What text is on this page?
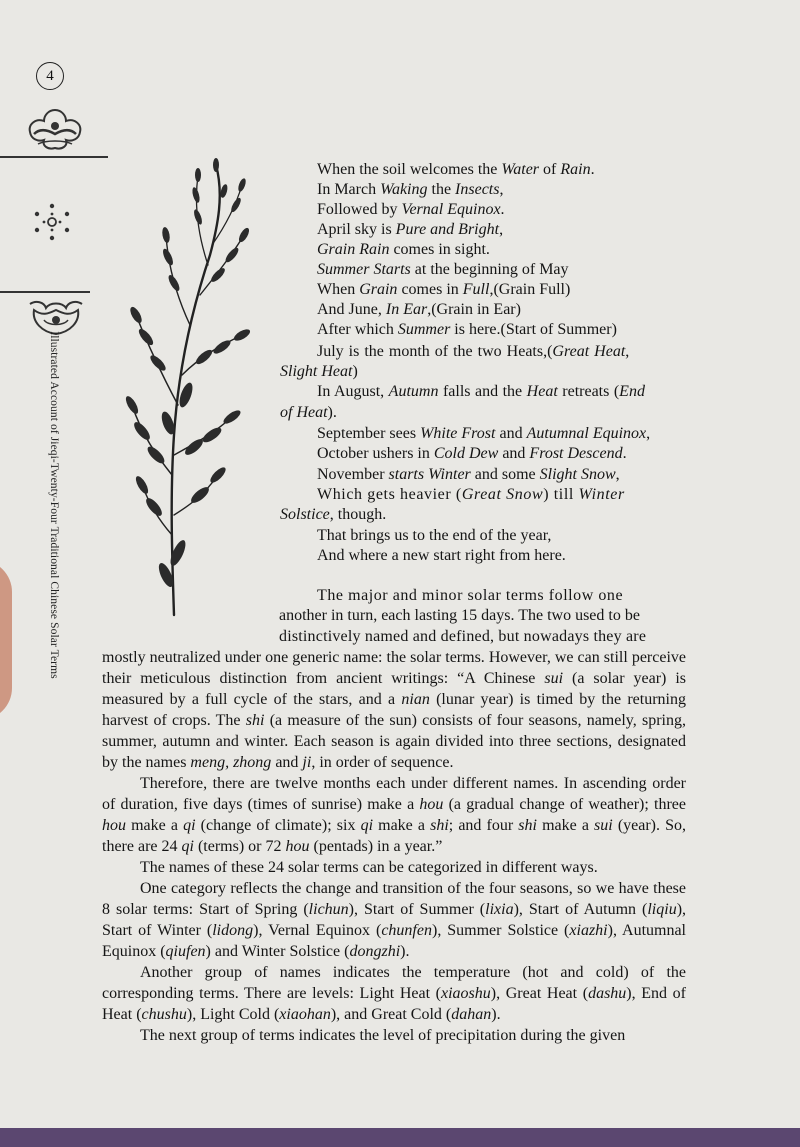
4
Illustrated Account of Jieqi-Twenty-Four Traditional Chinese Solar Terms
When the soil welcomes the Water of Rain.
In March Waking the Insects,
Followed by Vernal Equinox.
April sky is Pure and Bright,
Grain Rain comes in sight.
Summer Starts at the beginning of May
When Grain comes in Full,(Grain Full)
And June, In Ear,(Grain in Ear)
After which Summer is here.(Start of Summer)
July is the month of the two Heats,(Great Heat,
Slight Heat)
In August, Autumn falls and the Heat retreats (End
of Heat).
September sees White Frost and Autumnal Equinox,
October ushers in Cold Dew and Frost Descend.
November starts Winter and some Slight Snow,
Which gets heavier (Great Snow) till Winter
Solstice, though.
That brings us to the end of the year,
And where a new start right from here.
The major and minor solar terms follow one
another in turn, each lasting 15 days. The two used to be
distinctively named and defined, but nowadays they are

mostly neutralized under one generic name: the solar terms. However, we can still perceive their meticulous distinction from ancient writings: “A Chinese sui (a solar year) is measured by a full cycle of the stars, and a nian (lunar year) is timed by the returning harvest of crops. The shi (a measure of the sun) consists of four seasons, namely, spring, summer, autumn and winter. Each season is again divided into three sections, designated by the names meng, zhong and ji, in order of sequence.

Therefore, there are twelve months each under different names. In ascending order of duration, five days (times of sunrise) make a hou (a gradual change of weather); three hou make a qi (change of climate); six qi make a shi; and four shi make a sui (year). So, there are 24 qi (terms) or 72 hou (pentads) in a year.”

The names of these 24 solar terms can be categorized in different ways.

One category reflects the change and transition of the four seasons, so we have these 8 solar terms: Start of Spring (lichun), Start of Summer (lixia), Start of Autumn (liqiu), Start of Winter (lidong), Vernal Equinox (chunfen), Summer Solstice (xiazhi), Autumnal Equinox (qiufen) and Winter Solstice (dongzhi).

Another group of names indicates the temperature (hot and cold) of the corresponding terms. There are levels: Light Heat (xiaoshu), Great Heat (dashu), End of Heat (chushu), Light Cold (xiaohan), and Great Cold (dahan).

The next group of terms indicates the level of precipitation during the given
